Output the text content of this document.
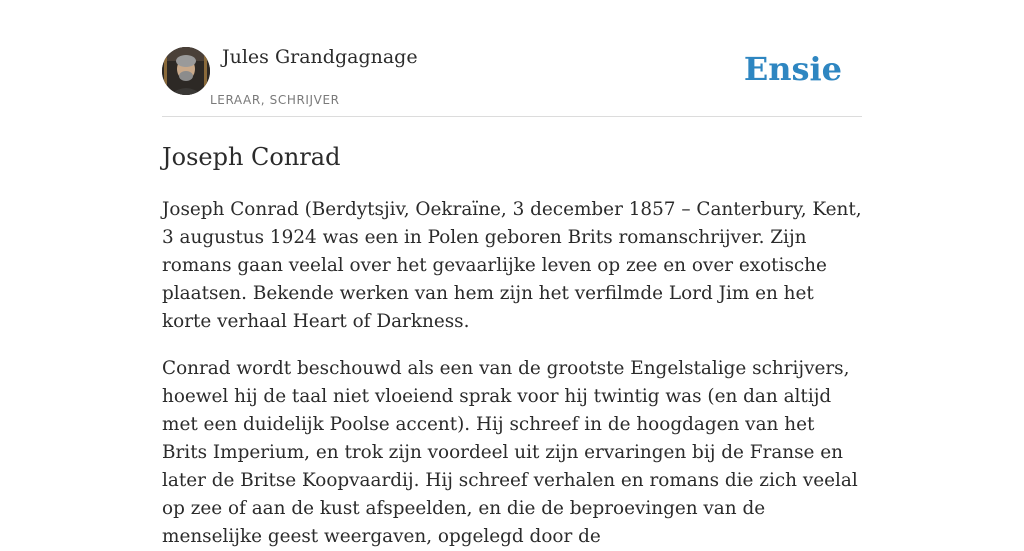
Jules Grandgagnage
LERAAR, SCHRIJVER
Ensie
Joseph Conrad

Joseph Conrad (Berdytsjiv, Oekraïne, 3 december 1857 – Canterbury, Kent, 3 augustus 1924 was een in Polen geboren Brits romanschrijver. Zijn romans gaan veelal over het gevaarlijke leven op zee en over exotische plaatsen. Bekende werken van hem zijn het verfilmde Lord Jim en het korte verhaal Heart of Darkness.

Conrad wordt beschouwd als een van de grootste Engelstalige schrijvers, hoewel hij de taal niet vloeiend sprak voor hij twintig was (en dan altijd met een duidelijk Poolse accent). Hij schreef in de hoogdagen van het Brits Imperium, en trok zijn voordeel uit zijn ervaringen bij de Franse en later de Britse Koopvaardij. Hij schreef verhalen en romans die zich veelal op zee of aan de kust afspeelden, en die de beproevingen van de menselijke geest weergaven, opgelegd door de
